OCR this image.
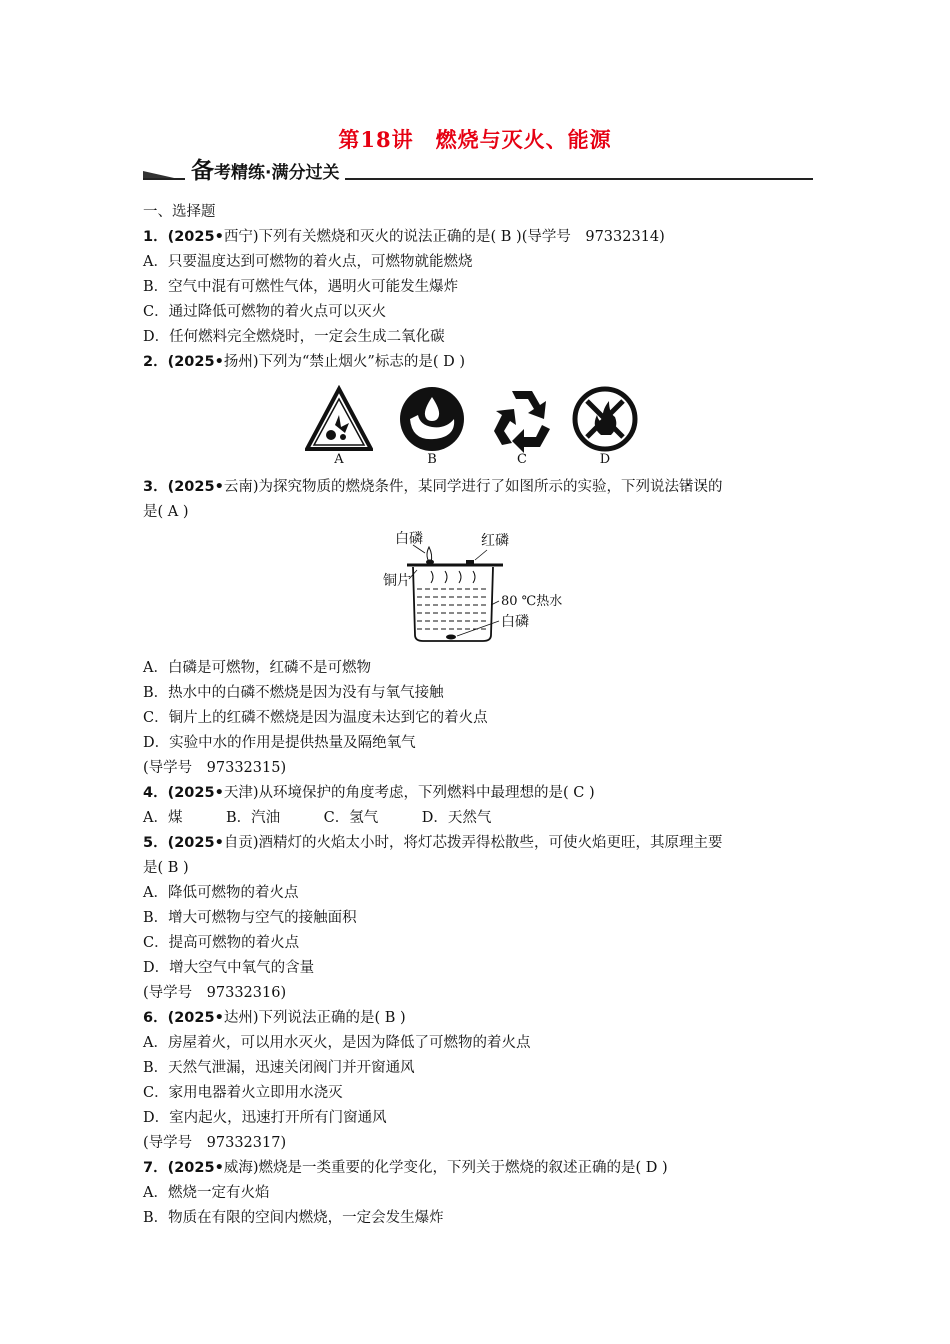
第18讲　燃烧与灭火、能源
备考精练·满分过关
一、选择题
1．(2025•西宁)下列有关燃烧和灭火的说法正确的是( B )(导学号　97332314)
A．只要温度达到可燃物的着火点，可燃物就能燃烧
B．空气中混有可燃性气体，遇明火可能发生爆炸
C．通过降低可燃物的着火点可以灭火
D．任何燃料完全燃烧时，一定会生成二氧化碳
2．(2025•扬州)下列为“禁止烟火”标志的是( D )
A	B	C	D
3．(2025•云南)为探究物质的燃烧条件，某同学进行了如图所示的实验，下列说法错误的
是( A )
白磷	红磷
铜片
80 ℃热水
白磷
A．白磷是可燃物，红磷不是可燃物
B．热水中的白磷不燃烧是因为没有与氧气接触
C．铜片上的红磷不燃烧是因为温度未达到它的着火点
D．实验中水的作用是提供热量及隔绝氧气
(导学号　97332315)
4．(2025•天津)从环境保护的角度考虑，下列燃料中最理想的是( C )
A．煤　　　B．汽油　　　C．氢气　　　D．天然气
5．(2025•自贡)酒精灯的火焰太小时，将灯芯拨弄得松散些，可使火焰更旺，其原理主要
是( B )
A．降低可燃物的着火点
B．增大可燃物与空气的接触面积
C．提高可燃物的着火点
D．增大空气中氧气的含量
(导学号　97332316)
6．(2025•达州)下列说法正确的是( B )
A．房屋着火，可以用水灭火，是因为降低了可燃物的着火点
B．天然气泄漏，迅速关闭阀门并开窗通风
C．家用电器着火立即用水浇灭
D．室内起火，迅速打开所有门窗通风
(导学号　97332317)
7．(2025•威海)燃烧是一类重要的化学变化，下列关于燃烧的叙述正确的是( D )
A．燃烧一定有火焰
B．物质在有限的空间内燃烧，一定会发生爆炸
